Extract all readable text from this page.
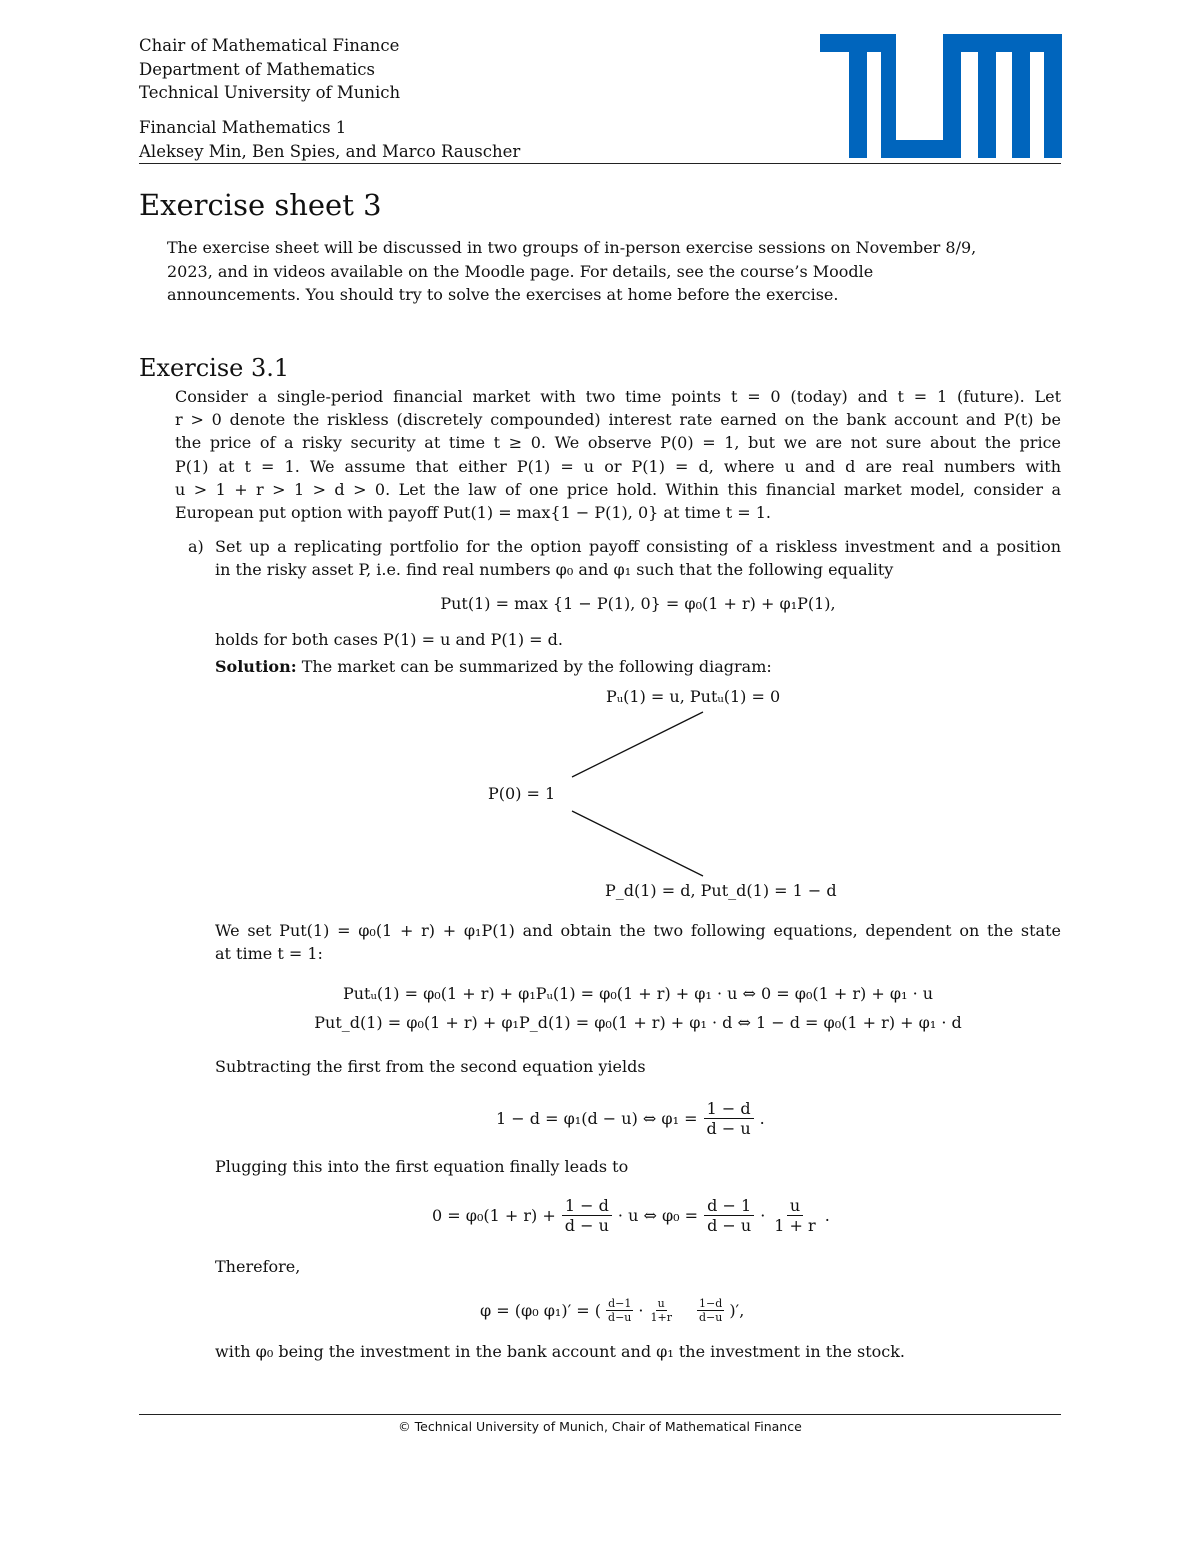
Chair of Mathematical Finance
Department of Mathematics
Technical University of Munich
Financial Mathematics 1
Aleksey Min, Ben Spies, and Marco Rauscher
Exercise sheet 3
The exercise sheet will be discussed in two groups of in-person exercise sessions on November 8/9,
2023, and in videos available on the Moodle page. For details, see the course’s Moodle
announcements. You should try to solve the exercises at home before the exercise.
Exercise 3.1
Consider a single-period financial market with two time points t = 0 (today) and t = 1 (future). Let
r > 0 denote the riskless (discretely compounded) interest rate earned on the bank account and P(t) be
the price of a risky security at time t ≥ 0. We observe P(0) = 1, but we are not sure about the price
P(1) at t = 1. We assume that either P(1) = u or P(1) = d, where u and d are real numbers with
u > 1 + r > 1 > d > 0. Let the law of one price hold. Within this financial market model, consider a
European put option with payoff Put(1) = max{1 − P(1), 0} at time t = 1.
a) Set up a replicating portfolio for the option payoff consisting of a riskless investment and a position
in the risky asset P, i.e. find real numbers φ₀ and φ₁ such that the following equality
Put(1) = max {1 − P(1), 0} = φ₀(1 + r) + φ₁P(1),
holds for both cases P(1) = u and P(1) = d.
Solution: The market can be summarized by the following diagram:
Pᵤ(1) = u, Putᵤ(1) = 0
P(0) = 1
P_d(1) = d, Put_d(1) = 1 − d
We set Put(1) = φ₀(1 + r) + φ₁P(1) and obtain the two following equations, dependent on the state
at time t = 1:
Putᵤ(1) = φ₀(1 + r) + φ₁Pᵤ(1) = φ₀(1 + r) + φ₁ · u ⇔ 0 = φ₀(1 + r) + φ₁ · u
Put_d(1) = φ₀(1 + r) + φ₁P_d(1) = φ₀(1 + r) + φ₁ · d ⇔ 1 − d = φ₀(1 + r) + φ₁ · d
Subtracting the first from the second equation yields
1 − d = φ₁(d − u) ⇔ $\varphi_1 = \frac{1 - d}{d - u}$ .
Plugging this into the first equation finally leads to
$0 = \varphi_0(1 + r) + \frac{1 - d}{d - u} \cdot u$ ⇔ $\varphi_0 = \frac{d - 1}{d - u} \cdot \frac{u}{1 + r}$ .
Therefore,
φ = (φ₀ φ₁)′ = ( $\frac{d-1}{d-u} \cdot \frac{u}{1+r} \frac{1-d}{d-u}$ )′,
with φ₀ being the investment in the bank account and φ₁ the investment in the stock.
© Technical University of Munich, Chair of Mathematical Finance
